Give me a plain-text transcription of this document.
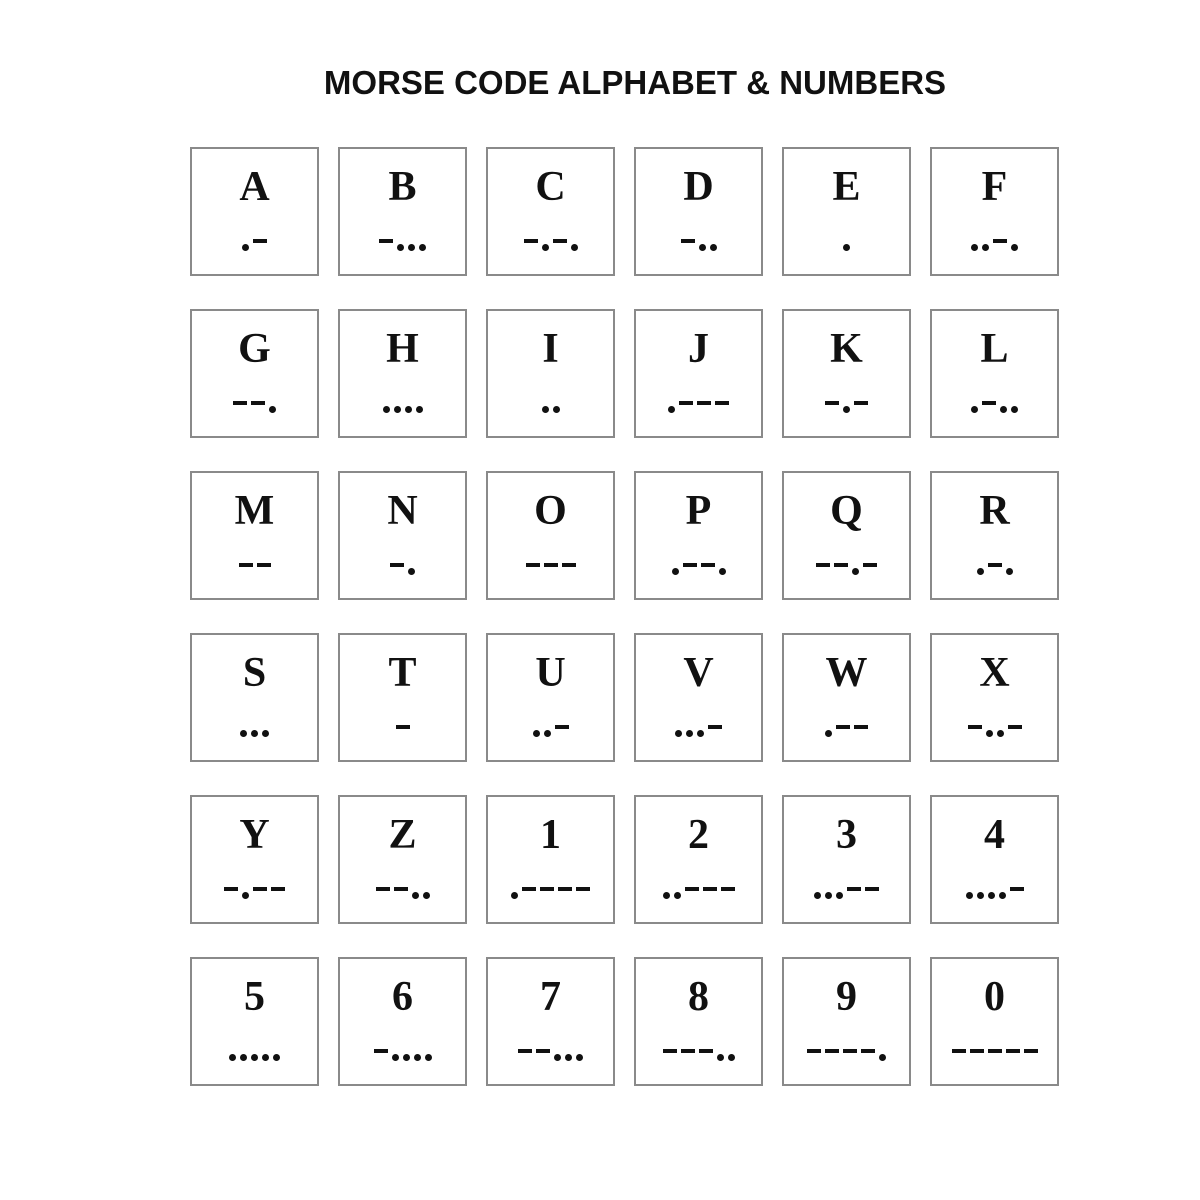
MORSE CODE ALPHABET & NUMBERS
A	B	C	D	E	F
G	H	I	J	K	L
M	N	O	P	Q	R
S	T	U	V	W	X
Y	Z	1	2	3	4
5	6	7	8	9	0
